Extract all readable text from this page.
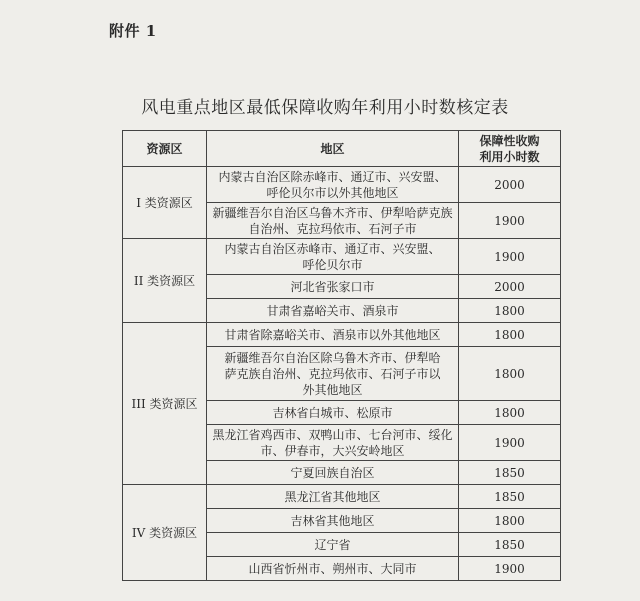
附件 1
风电重点地区最低保障收购年利用小时数核定表
资源区	地区	保障性收购
利用小时数
I 类资源区	内蒙古自治区除赤峰市、通辽市、兴安盟、
呼伦贝尔市以外其他地区	2000
	新疆维吾尔自治区乌鲁木齐市、伊犁哈萨克族
自治州、克拉玛依市、石河子市	1900
II 类资源区	内蒙古自治区赤峰市、通辽市、兴安盟、
呼伦贝尔市	1900
	河北省张家口市	2000
	甘肃省嘉峪关市、酒泉市	1800
III 类资源区	甘肃省除嘉峪关市、酒泉市以外其他地区	1800
	新疆维吾尔自治区除乌鲁木齐市、伊犁哈
萨克族自治州、克拉玛依市、石河子市以
外其他地区	1800
	吉林省白城市、松原市	1800
	黑龙江省鸡西市、双鸭山市、七台河市、绥化
市、伊春市，大兴安岭地区	1900
	宁夏回族自治区	1850
IV 类资源区	黑龙江省其他地区	1850
	吉林省其他地区	1800
	辽宁省	1850
	山西省忻州市、朔州市、大同市	1900
